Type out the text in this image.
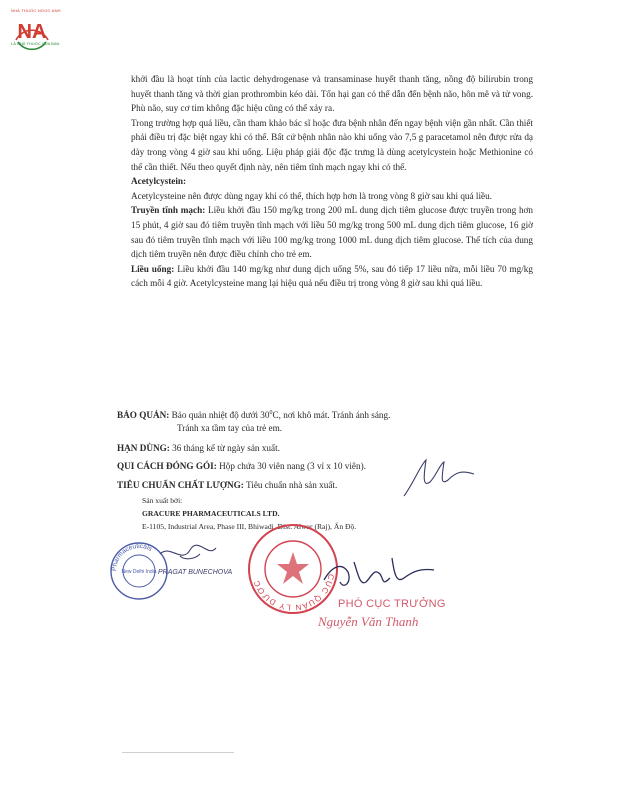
NA
NHÀ THUỐC NGỌC ANH
LÀ NHÀ THUỐC CỦA BẠN

khởi đầu là hoạt tính của lactic dehydrogenase và transaminase huyết thanh tăng, nồng độ bilirubin trong huyết thanh tăng và thời gian prothrombin kéo dài. Tổn hại gan có thể dẫn đến bệnh não, hôn mê và tử vong. Phù não, suy cơ tim không đặc hiệu cũng có thể xảy ra.

Trong trường hợp quá liều, cần tham khảo bác sĩ hoặc đưa bệnh nhân đến ngay bệnh viện gần nhất. Cần thiết phải điều trị đặc biệt ngay khi có thể. Bất cứ bệnh nhân nào khi uống vào 7,5 g paracetamol nên được rửa dạ dày trong vòng 4 giờ sau khi uống. Liệu pháp giải độc đặc trưng là dùng acetylcystein hoặc Methionine có thể cần thiết. Nếu theo quyết định này, nên tiêm tĩnh mạch ngay khi có thể.

Acetylcystein:

Acetylcysteine nên được dùng ngay khi có thể, thích hợp hơn là trong vòng 8 giờ sau khi quá liều.

Truyền tĩnh mạch: Liều khởi đầu 150 mg/kg trong 200 mL dung dịch tiêm glucose được truyền trong hơn 15 phút, 4 giờ sau đó tiêm truyền tĩnh mạch với liều 50 mg/kg trong 500 mL dung dịch tiêm glucose, 16 giờ sau đó tiêm truyền tĩnh mạch với liều 100 mg/kg trong 1000 mL dung dịch tiêm glucose. Thể tích của dung dịch tiêm truyền nên được điều chỉnh cho trẻ em.

Liều uống: Liều khởi đầu 140 mg/kg như dung dịch uống 5%, sau đó tiếp 17 liều nữa, mỗi liều 70 mg/kg cách mỗi 4 giờ. Acetylcysteine mang lại hiệu quả nếu điều trị trong vòng 8 giờ sau khi quá liều.

BẢO QUẢN: Bảo quản nhiệt độ dưới $30^0C$, nơi khô mát. Tránh ánh sáng.
Tránh xa tầm tay của trẻ em.
HẠN DÙNG: 36 tháng kể từ ngày sản xuất.
QUI CÁCH ĐÓNG GÓI: Hộp chứa 30 viên nang (3 vỉ x 10 viên).
TIÊU CHUẨN CHẤT LƯỢNG: Tiêu chuẩn nhà sản xuất.
Sản xuất bởi:
GRACURE PHARMACEUTICALS LTD.
E-1105, Industrial Area, Phase III, Bhiwadi, Dist. Alwar (Raj), Ấn Độ.
Pharmaceuticals
New Delhi India PRAGAT BUNECHOVA
CỤC QUẢN LÝ DƯỢC
PHÓ CỤC TRƯỞNG
Nguyễn Văn Thanh
